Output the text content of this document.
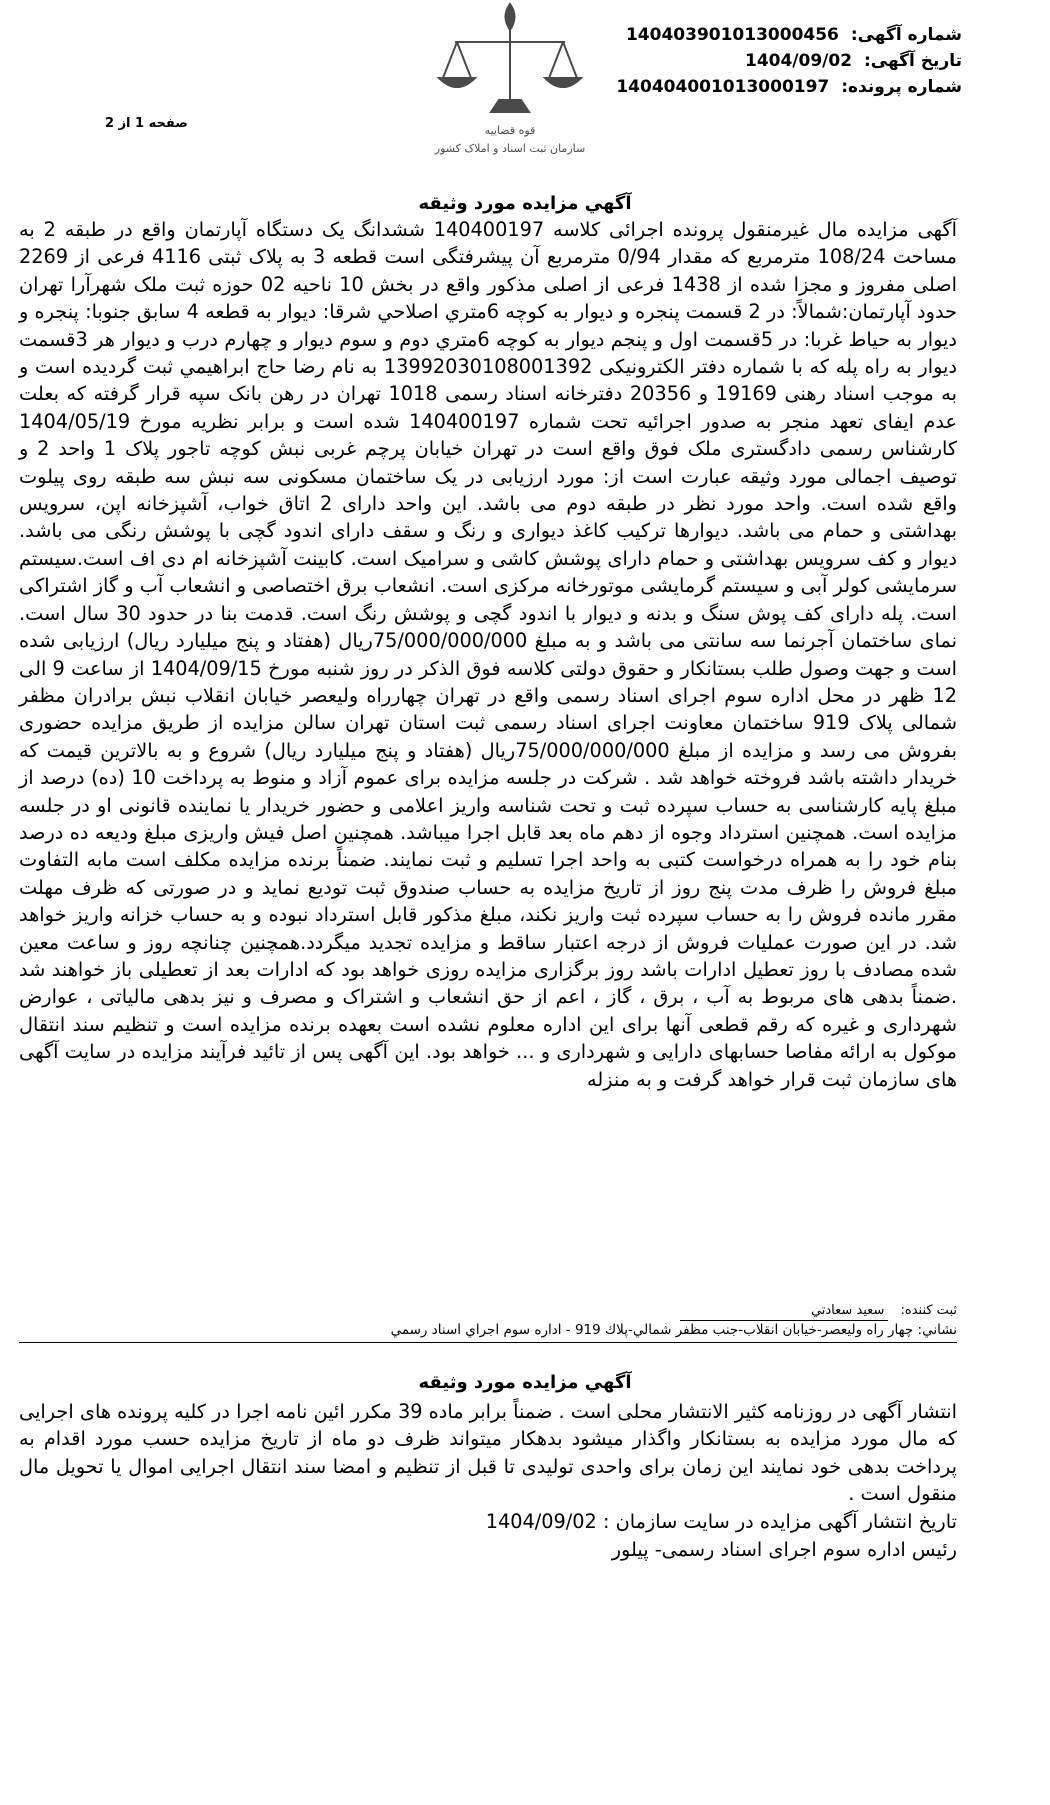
قوه قضاییه
سازمان ثبت اسناد و املاک کشور
شماره آگهی: 140403901013000456
تاریخ آگهی: 1404/09/02
شماره پرونده: 140404001013000197
صفحه 1 از 2
آگهي مزايده مورد وثيقه
آگهی مزایده مال غیرمنقول پرونده اجرائی کلاسه 140400197 ششدانگ یک دستگاه آپارتمان واقع در طبقه 2 به مساحت 108/24 مترمربع که مقدار 0/94 مترمربع آن پیشرفتگی است قطعه 3 به پلاک ثبتی 4116 فرعی از 2269 اصلی مفروز و مجزا شده از 1438 فرعی از اصلی مذکور واقع در بخش 10 ناحیه 02 حوزه ثبت ملک شهرآرا تهران حدود آپارتمان:شمالاً: در 2 قسمت پنجره و دیوار به کوچه 6متري اصلاحي شرقا: دیوار به قطعه 4 سابق جنوبا: پنجره و دیوار به حیاط غربا: در 5قسمت اول و پنجم دیوار به کوچه 6متري دوم و سوم دیوار و چهارم درب و دیوار هر 3قسمت دیوار به راه پله که با شماره دفتر الکترونیکی 13992030108001392 به نام رضا حاج ابراهیمي ثبت گردیده است و به موجب اسناد رهنی 19169 و 20356 دفترخانه اسناد رسمی 1018 تهران در رهن بانک سپه قرار گرفته که بعلت عدم ایفای تعهد منجر به صدور اجرائیه تحت شماره 140400197 شده است و برابر نظریه مورخ 1404/05/19 کارشناس رسمی دادگستری ملک فوق واقع است در تهران خیابان پرچم غربی نبش کوچه تاجور پلاک 1 واحد 2 و توصیف اجمالی مورد وثیقه عبارت است از: مورد ارزیابی در یک ساختمان مسکونی سه نبش سه طبقه روی پیلوت واقع شده است. واحد مورد نظر در طبقه دوم می باشد. این واحد دارای 2 اتاق خواب، آشپزخانه اپن، سرویس بهداشتی و حمام می باشد. دیوارها ترکیب کاغذ دیواری و رنگ و سقف دارای اندود گچی با پوشش رنگی می باشد. دیوار و کف سرویس بهداشتی و حمام دارای پوشش کاشی و سرامیک است. کابینت آشپزخانه ام دی اف است.سیستم سرمایشی کولر آبی و سیستم گرمایشی موتورخانه مرکزی است. انشعاب برق اختصاصی و انشعاب آب و گاز اشتراکی است. پله دارای کف پوش سنگ و بدنه و دیوار با اندود گچی و پوشش رنگ است. قدمت بنا در حدود 30 سال است. نمای ساختمان آجرنما سه سانتی می باشد و به مبلغ 75/000/000/000ریال (هفتاد و پنج میلیارد ریال) ارزیابی شده است و جهت وصول طلب بستانکار و حقوق دولتی کلاسه فوق الذکر در روز شنبه مورخ 1404/09/15 از ساعت 9 الی 12 ظهر در محل اداره سوم اجرای اسناد رسمی واقع در تهران چهارراه ولیعصر خیابان انقلاب نبش برادران مظفر شمالی پلاک 919 ساختمان معاونت اجرای اسناد رسمی ثبت استان تهران سالن مزایده از طریق مزایده حضوری بفروش می رسد و مزایده از مبلغ 75/000/000/000ریال (هفتاد و پنج میلیارد ریال) شروع و به بالاترین قیمت که خریدار داشته باشد فروخته خواهد شد . شرکت در جلسه مزایده برای عموم آزاد و منوط به پرداخت 10 (ده) درصد از مبلغ پایه کارشناسی به حساب سپرده ثبت و تحت شناسه واریز اعلامی و حضور خریدار یا نماینده قانونی او در جلسه مزایده است. همچنین استرداد وجوه از دهم ماه بعد قابل اجرا میباشد. همچنین اصل فیش واریزی مبلغ ودیعه ده درصد بنام خود را به همراه درخواست کتبی به واحد اجرا تسلیم و ثبت نمایند. ضمناً برنده مزایده مکلف است مابه التفاوت مبلغ فروش را ظرف مدت پنج روز از تاریخ مزایده به حساب صندوق ثبت تودیع نماید و در صورتی که ظرف مهلت مقرر مانده فروش را به حساب سپرده ثبت واریز نکند، مبلغ مذکور قابل استرداد نبوده و به حساب خزانه واریز خواهد شد. در این صورت عملیات فروش از درجه اعتبار ساقط و مزایده تجدید میگردد.همچنین چنانچه روز و ساعت معین شده مصادف با روز تعطیل ادارات باشد روز برگزاری مزایده روزی خواهد بود که ادارات بعد از تعطیلی باز خواهند شد .ضمناً بدهی های مربوط به آب ، برق ، گاز ، اعم از حق انشعاب و اشتراک و مصرف و نیز بدهی مالیاتی ، عوارض شهرداری و غیره که رقم قطعی آنها برای این اداره معلوم نشده است بعهده برنده مزایده است و تنظیم سند انتقال موکول به ارائه مفاصا حسابهای دارایی و شهرداری و ... خواهد بود. این آگهی پس از تائید فرآیند مزایده در سایت آگهی های سازمان ثبت قرار خواهد گرفت و به منزله
ثبت کننده: سعيد سعادتي
نشاني: چهار راه وليعصر-خيابان انقلاب-جنب مظفر شمالي-پلاك 919 - اداره سوم اجراي اسناد رسمي
آگهي مزايده مورد وثيقه
انتشار آگهی در روزنامه کثیر الانتشار محلی است . ضمناً برابر ماده 39 مکرر ائین نامه اجرا در کلیه پرونده های اجرایی که مال مورد مزایده به بستانکار واگذار میشود بدهکار میتواند ظرف دو ماه از تاریخ مزایده حسب مورد اقدام به پرداخت بدهی خود نمایند این زمان برای واحدی تولیدی تا قبل از تنظیم و امضا سند انتقال اجرایی اموال یا تحویل مال منقول است .
تاریخ انتشار آگهی مزایده در سایت سازمان : 1404/09/02
رئیس اداره سوم اجرای اسناد رسمی- پیلور
